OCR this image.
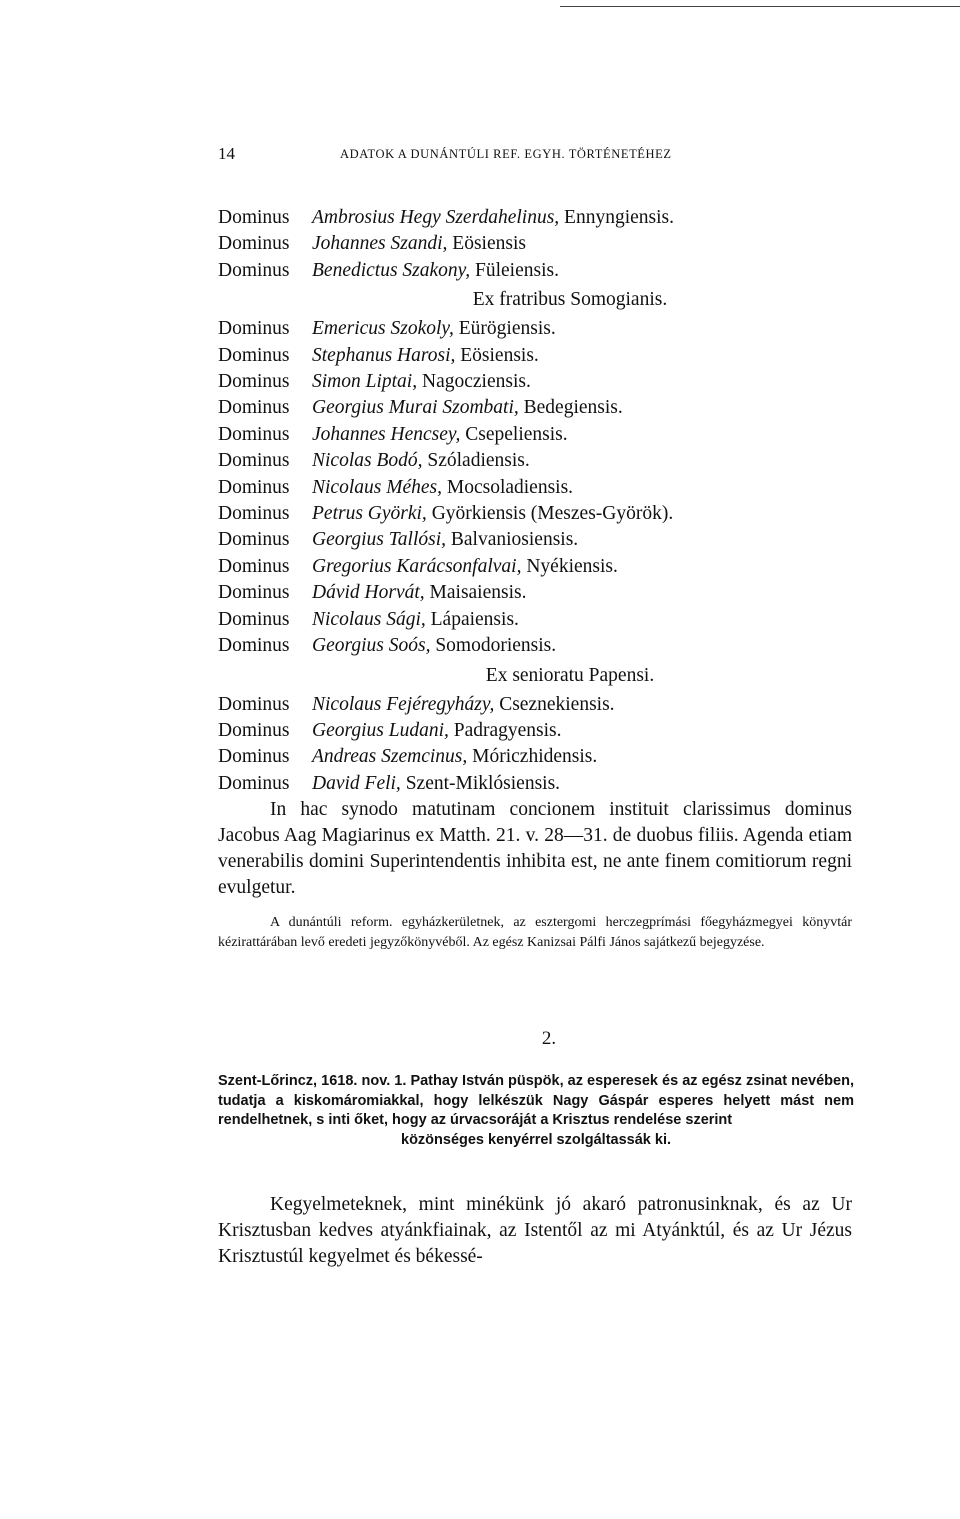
14	ADATOK A DUNÁNTÚLI REF. EGYH. TÖRTÉNETÉHEZ
Dominus Ambrosius Hegy Szerdahelinus, Ennyngiensis.
Dominus Johannes Szandi, Eösiensis
Dominus Benedictus Szakony, Füleiensis.
Ex fratribus Somogianis.
Dominus Emericus Szokoly, Eürögiensis.
Dominus Stephanus Harosi, Eösiensis.
Dominus Simon Liptai, Nagocziensis.
Dominus Georgius Murai Szombati, Bedegiensis.
Dominus Johannes Hencsey, Csepeliensis.
Dominus Nicolas Bodó, Szóladiensis.
Dominus Nicolaus Méhes, Mocsoladiensis.
Dominus Petrus Györki, Györkiensis (Meszes-Györök).
Dominus Georgius Tallósi, Balvaniosiensis.
Dominus Gregorius Karácsonfalvai, Nyékiensis.
Dominus Dávid Horvát, Maisaiensis.
Dominus Nicolaus Sági, Lápaiensis.
Dominus Georgius Soós, Somodoriensis.
Ex senioratu Papensi.
Dominus Nicolaus Fejéregyházy, Cseznekiensis.
Dominus Georgius Ludani, Padragyensis.
Dominus Andreas Szemcinus, Móriczhidensis.
Dominus David Feli, Szent-Miklósiensis.
In hac synodo matutinam concionem instituit clarissimus dominus Jacobus Aag Magiarinus ex Matth. 21. v. 28—31. de duobus filiis. Agenda etiam venerabilis domini Superintendentis inhibita est, ne ante finem comitiorum regni evulgetur.
A dunántúli reform. egyházkerületnek, az esztergomi herczegprímási főegyházmegyei könyvtár kézirattárában levő eredeti jegyzőkönyvéből. Az egész Kanizsai Pálfi János sajátkezű bejegyzése.
2.
Szent-Lőrincz, 1618. nov. 1. Pathay István püspök, az esperesek és az egész zsinat nevében, tudatja a kiskomáromiakkal, hogy lelkészük Nagy Gáspár esperes helyett mást nem rendelhetnek, s inti őket, hogy az úrvacsoráját a Krisztus rendelése szerint
közönséges kenyérrel szolgáltassák ki.
Kegyelmeteknek, mint minékünk jó akaró patronusinknak, és az Ur Krisztusban kedves atyánkfiainak, az Istentől az mi Atyánktúl, és az Ur Jézus Krisztustúl kegyelmet és békessé-
